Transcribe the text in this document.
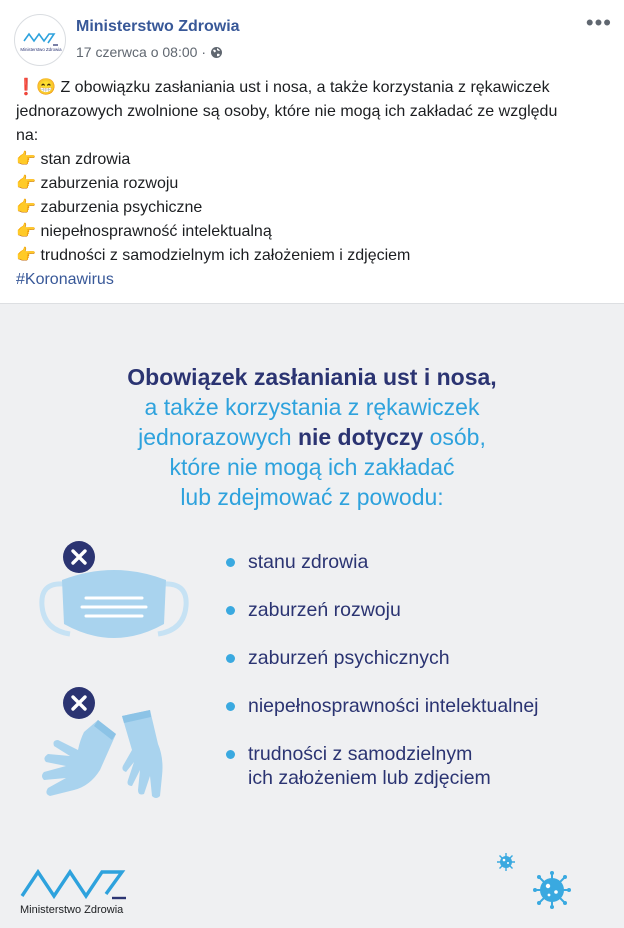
Ministerstwo Zdrowia
Ministerstwo Zdrowia
17 czerwca o 08:00 ·
•••
❗😁 Z obowiązku zasłaniania ust i nosa, a także korzystania z rękawiczek
jednorazowych zwolnione są osoby, które nie mogą ich zakładać ze względu
na:
👉 stan zdrowia
👉 zaburzenia rozwoju
👉 zaburzenia psychiczne
👉 niepełnosprawność intelektualną
👉 trudności z samodzielnym ich założeniem i zdjęciem
#Koronawirus
Obowiązek zasłaniania ust i nosa,
a także korzystania z rękawiczek
jednorazowych nie dotyczy osób,
które nie mogą ich zakładać
lub zdejmować z powodu:
stanu zdrowia
zaburzeń rozwoju
zaburzeń psychicznych
niepełnosprawności intelektualnej
trudności z samodzielnym
ich założeniem lub zdjęciem
Ministerstwo Zdrowia
